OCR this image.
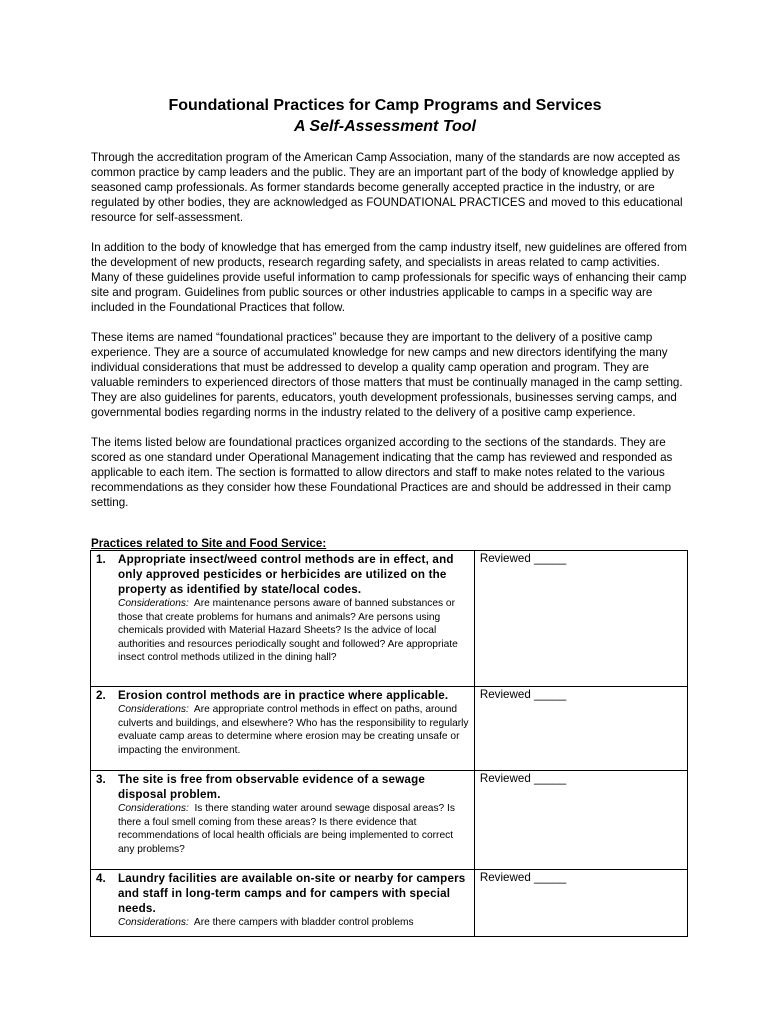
Foundational Practices for Camp Programs and Services
A Self-Assessment Tool

Through the accreditation program of the American Camp Association, many of the standards are now accepted as common practice by camp leaders and the public. They are an important part of the body of knowledge applied by seasoned camp professionals. As former standards become generally accepted practice in the industry, or are regulated by other bodies, they are acknowledged as FOUNDATIONAL PRACTICES and moved to this educational resource for self-assessment.

In addition to the body of knowledge that has emerged from the camp industry itself, new guidelines are offered from the development of new products, research regarding safety, and specialists in areas related to camp activities. Many of these guidelines provide useful information to camp professionals for specific ways of enhancing their camp site and program. Guidelines from public sources or other industries applicable to camps in a specific way are included in the Foundational Practices that follow.

These items are named “foundational practices” because they are important to the delivery of a positive camp experience. They are a source of accumulated knowledge for new camps and new directors identifying the many individual considerations that must be addressed to develop a quality camp operation and program. They are valuable reminders to experienced directors of those matters that must be continually managed in the camp setting. They are also guidelines for parents, educators, youth development professionals, businesses serving camps, and governmental bodies regarding norms in the industry related to the delivery of a positive camp experience.

The items listed below are foundational practices organized according to the sections of the standards. They are scored as one standard under Operational Management indicating that the camp has reviewed and responded as applicable to each item. The section is formatted to allow directors and staff to make notes related to the various recommendations as they consider how these Foundational Practices are and should be addressed in their camp setting.

Practices related to Site and Food Service:
1. Appropriate insect/weed control methods are in effect, and only approved pesticides or herbicides are utilized on the property as identified by state/local codes.
Considerations: Are maintenance persons aware of banned substances or those that create problems for humans and animals? Are persons using chemicals provided with Material Hazard Sheets? Is the advice of local authorities and resources periodically sought and followed? Are appropriate insect control methods utilized in the dining hall?	Reviewed _____

2. Erosion control methods are in practice where applicable.
Considerations: Are appropriate control methods in effect on paths, around culverts and buildings, and elsewhere? Who has the responsibility to regularly evaluate camp areas to determine where erosion may be creating unsafe or impacting the environment.	Reviewed _____

3. The site is free from observable evidence of a sewage disposal problem.
Considerations: Is there standing water around sewage disposal areas? Is there a foul smell coming from these areas? Is there evidence that recommendations of local health officials are being implemented to correct any problems?	Reviewed _____

4. Laundry facilities are available on-site or nearby for campers and staff in long-term camps and for campers with special needs.
Considerations: Are there campers with bladder control problems	Reviewed _____
